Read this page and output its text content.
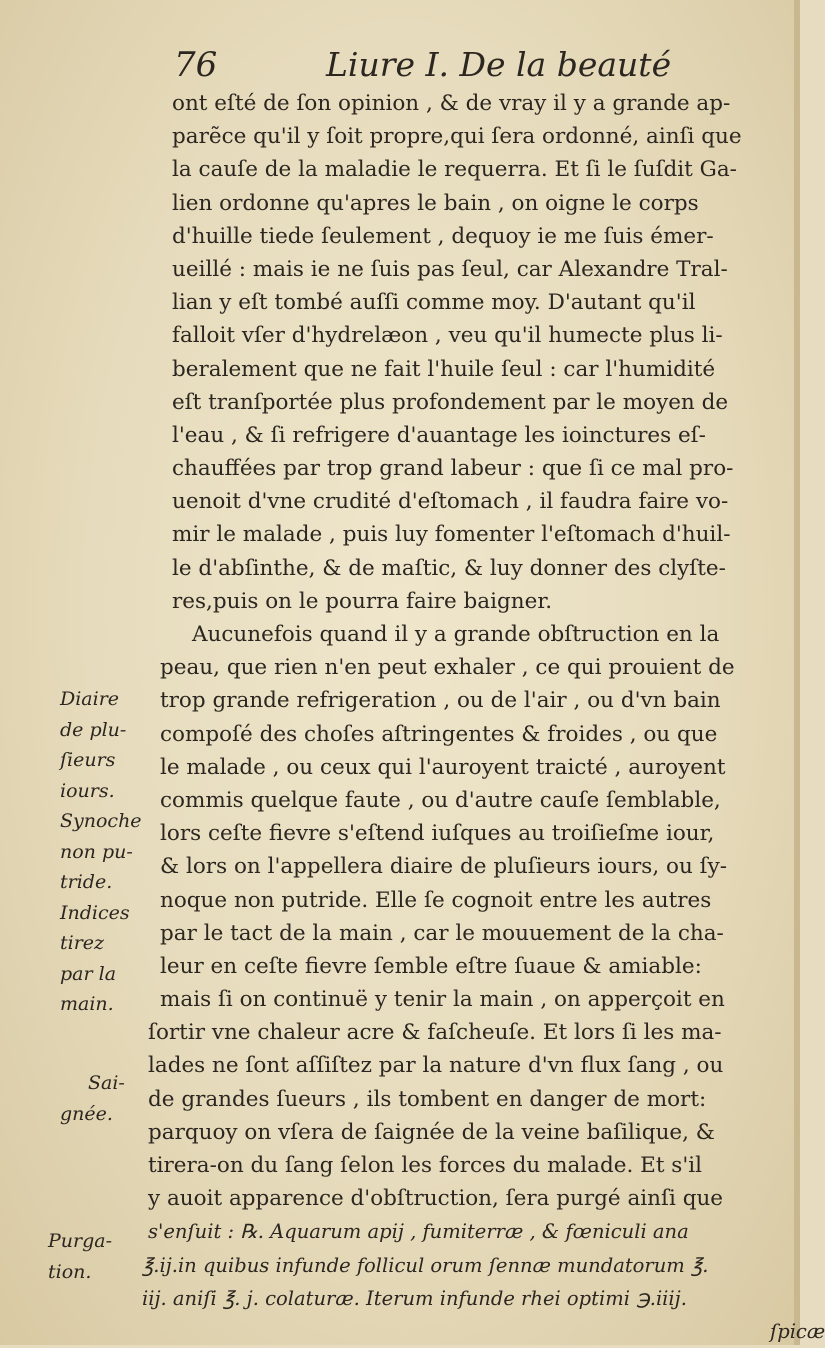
76	Liure I. De la beauté
ont eſté de ſon opinion , & de vray il y a grande ap-
parẽce qu'il y ſoit propre,qui ſera ordonné, ainſi que
la cauſe de la maladie le requerra. Et ſi le ſuſdit Ga-
lien ordonne qu'apres le bain , on oigne le corps
d'huille tiede ſeulement , dequoy ie me ſuis émer-
ueillé : mais ie ne ſuis pas ſeul, car Alexandre Tral-
lian y eſt tombé auſſi comme moy. D'autant qu'il
falloit vſer d'hydrelæon , veu qu'il humecte plus li-
beralement que ne fait l'huile ſeul : car l'humidité
eſt tranſportée plus profondement par le moyen de
l'eau , & ſi refrigere d'auantage les ioinctures eſ-
chauffées par trop grand labeur : que ſi ce mal pro-
uenoit d'vne crudité d'eſtomach , il faudra faire vo-
mir le malade , puis luy fomenter l'eſtomach d'huil-
le d'abſinthe, & de maſtic, & luy donner des clyſte-
res,puis on le pourra faire baigner.
Aucunefois quand il y a grande obſtruction en la
peau, que rien n'en peut exhaler , ce qui prouient de
trop grande refrigeration , ou de l'air , ou d'vn bain
compoſé des choſes aſtringentes & froides , ou que
le malade , ou ceux qui l'auroyent traicté , auroyent
commis quelque faute , ou d'autre cauſe ſemblable,
lors ceſte fievre s'eſtend iuſques au troiſieſme iour,
& lors on l'appellera diaire de pluſieurs iours, ou ſy-
noque non putride. Elle ſe cognoit entre les autres
par le tact de la main , car le mouuement de la cha-
leur en ceſte fievre ſemble eſtre ſuaue & amiable:
mais ſi on continuë y tenir la main , on apperçoit en
ſortir vne chaleur acre & faſcheuſe. Et lors ſi les ma-
lades ne ſont aſſiſtez par la nature d'vn flux ſang , ou
de grandes ſueurs , ils tombent en danger de mort:
parquoy on vſera de ſaignée de la veine baſilique, &
tirera-on du ſang ſelon les forces du malade. Et s'il
y auoit apparence d'obſtruction, ſera purgé ainſi que
s'enſuit : ℞. Aquarum apij , fumiterræ , & fœniculi ana
℥.ij.in quibus infunde follicul orum ſennæ mundatorum ℥.
iij. aniſi ℥. j. colaturæ. Iterum infunde rhei optimi ℈.iiij.
ſpicæ
Diaire
de plu-
ſieurs
iours.
Synoche
non pu-
tride.
Indices
tirez
par la
main.
Sai-
gnée.
Purga-
tion.
